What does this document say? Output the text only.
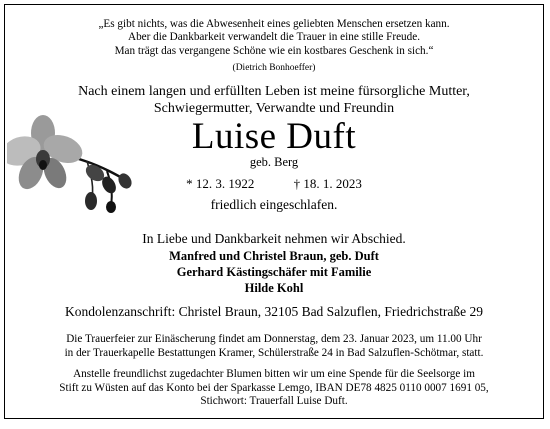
„Es gibt nichts, was die Abwesenheit eines geliebten Menschen ersetzen kann.
Aber die Dankbarkeit verwandelt die Trauer in eine stille Freude.
Man trägt das vergangene Schöne wie ein kostbares Geschenk in sich.“
(Dietrich Bonhoeffer)
Nach einem langen und erfüllten Leben ist meine fürsorgliche Mutter,
Schwiegermutter, Verwandte und Freundin
Luise Duft
geb. Berg
* 12. 3. 1922	† 18. 1. 2023
friedlich eingeschlafen.
In Liebe und Dankbarkeit nehmen wir Abschied.
Manfred und Christel Braun, geb. Duft
Gerhard Kästingschäfer mit Familie
Hilde Kohl
Kondolenzanschrift: Christel Braun, 32105 Bad Salzuflen, Friedrichstraße 29
Die Trauerfeier zur Einäscherung findet am Donnerstag, dem 23. Januar 2023, um 11.00 Uhr
in der Trauerkapelle Bestattungen Kramer, Schülerstraße 24 in Bad Salzuflen-Schötmar, statt.
Anstelle freundlichst zugedachter Blumen bitten wir um eine Spende für die Seelsorge im
Stift zu Wüsten auf das Konto bei der Sparkasse Lemgo, IBAN DE78 4825 0110 0007 1691 05,
Stichwort: Trauerfall Luise Duft.
